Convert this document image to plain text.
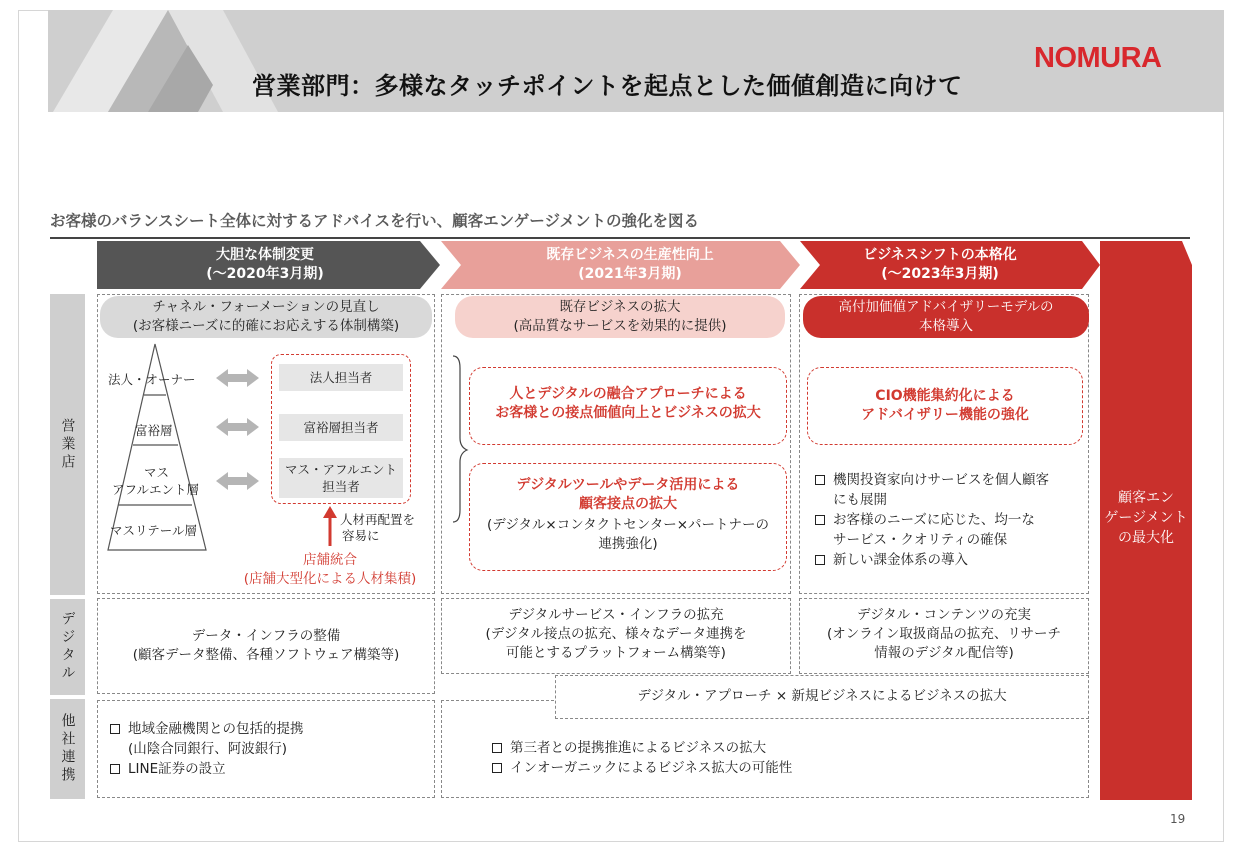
営業部門：多様なタッチポイントを起点とした価値創造に向けて
NOMURA
お客様のバランスシート全体に対するアドバイスを行い、顧客エンゲージメントの強化を図る
大胆な体制変更
(〜2020年3月期)
既存ビジネスの生産性向上
(2021年3月期)
ビジネスシフトの本格化
(〜2023年3月期)
顧客エン
ゲージメント
の最大化
営業店
デジタル
他社連携
チャネル・フォーメーションの見直し
(お客様ニーズに的確にお応えする体制構築)
法人・オーナー
富裕層
マス
アフルエント層
マスリテール層
法人担当者
富裕層担当者
マス・アフルエント
担当者
人材再配置を
容易に
店舗統合
(店舗大型化による人材集積)
データ・インフラの整備
(顧客データ整備、各種ソフトウェア構築等)
地域金融機関との包括的提携
(山陰合同銀行、阿波銀行)
LINE証券の設立
既存ビジネスの拡大
(高品質なサービスを効果的に提供)
人とデジタルの融合アプローチによる
お客様との接点価値向上とビジネスの拡大
デジタルツールやデータ活用による
顧客接点の拡大
(デジタル×コンタクトセンター×パートナーの
連携強化)
デジタルサービス・インフラの拡充
(デジタル接点の拡充、様々なデータ連携を
可能とするプラットフォーム構築等)
第三者との提携推進によるビジネスの拡大
インオーガニックによるビジネス拡大の可能性
高付加価値アドバイザリーモデルの
本格導入
CIO機能集約化による
アドバイザリー機能の強化
機関投資家向けサービスを個人顧客
にも展開
お客様のニーズに応じた、均一な
サービス・クオリティの確保
新しい課金体系の導入
デジタル・コンテンツの充実
(オンライン取扱商品の拡充、リサーチ
情報のデジタル配信等)
デジタル・アプローチ × 新規ビジネスによるビジネスの拡大
19
